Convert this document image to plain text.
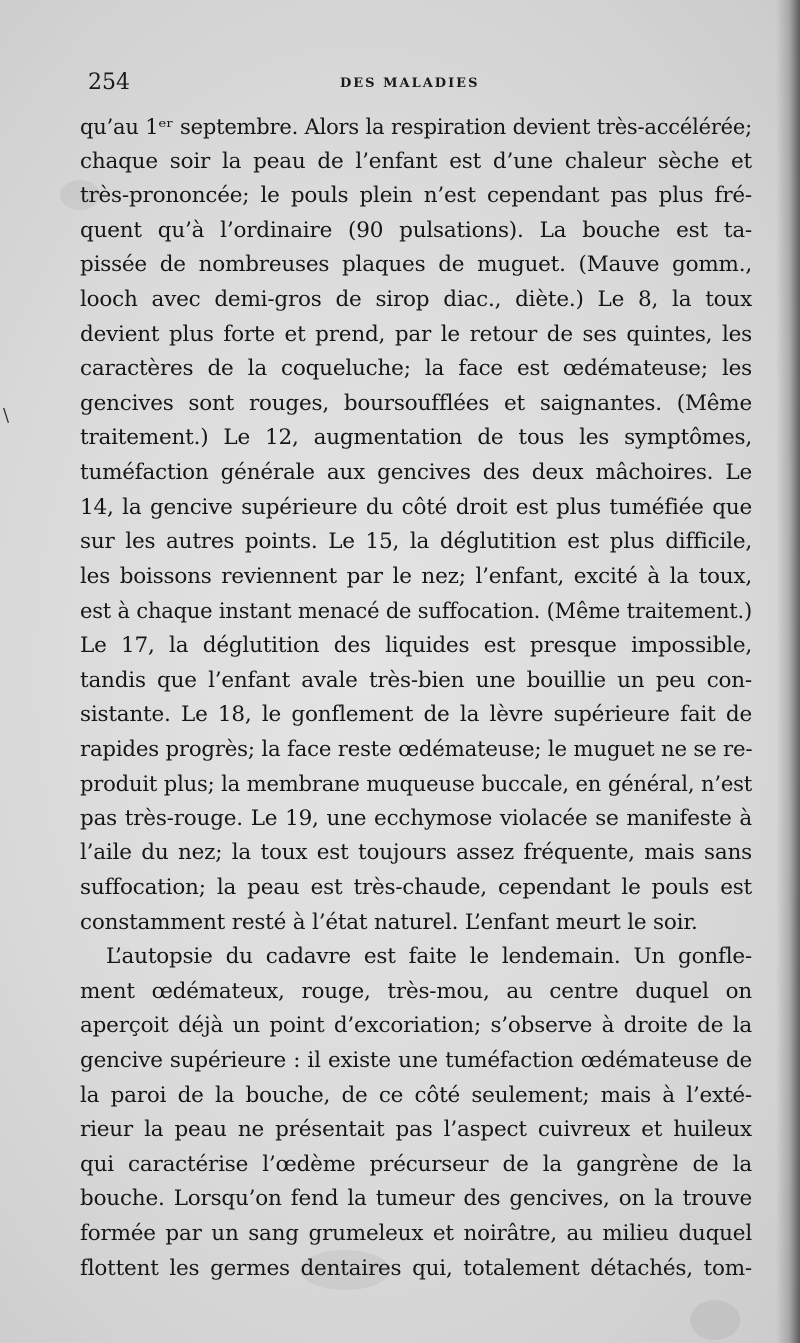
\
254	DES MALADIES
qu’au 1ᵉʳ septembre. Alors la respiration devient très-accélérée;
chaque soir la peau de l’enfant est d’une chaleur sèche et
très-prononcée; le pouls plein n’est cependant pas plus fré-
quent qu’à l’ordinaire (90 pulsations). La bouche est ta-
pissée de nombreuses plaques de muguet. (Mauve gomm.,
looch avec demi-gros de sirop diac., diète.) Le 8, la toux
devient plus forte et prend, par le retour de ses quintes, les
caractères de la coqueluche; la face est œdémateuse; les
gencives sont rouges, boursoufflées et saignantes. (Même
traitement.) Le 12, augmentation de tous les symptômes,
tuméfaction générale aux gencives des deux mâchoires. Le
14, la gencive supérieure du côté droit est plus tuméfiée que
sur les autres points. Le 15, la déglutition est plus difficile,
les boissons reviennent par le nez; l’enfant, excité à la toux,
est à chaque instant menacé de suffocation. (Même traitement.)
Le 17, la déglutition des liquides est presque impossible,
tandis que l’enfant avale très-bien une bouillie un peu con-
sistante. Le 18, le gonflement de la lèvre supérieure fait de
rapides progrès; la face reste œdémateuse; le muguet ne se re-
produit plus; la membrane muqueuse buccale, en général, n’est
pas très-rouge. Le 19, une ecchymose violacée se manifeste à
l’aile du nez; la toux est toujours assez fréquente, mais sans
suffocation; la peau est très-chaude, cependant le pouls est
constamment resté à l’état naturel. L’enfant meurt le soir.
L’autopsie du cadavre est faite le lendemain. Un gonfle-
ment œdémateux, rouge, très-mou, au centre duquel on
aperçoit déjà un point d’excoriation; s’observe à droite de la
gencive supérieure : il existe une tuméfaction œdémateuse de
la paroi de la bouche, de ce côté seulement; mais à l’exté-
rieur la peau ne présentait pas l’aspect cuivreux et huileux
qui caractérise l’œdème précurseur de la gangrène de la
bouche. Lorsqu’on fend la tumeur des gencives, on la trouve
formée par un sang grumeleux et noirâtre, au milieu duquel
flottent les germes dentaires qui, totalement détachés, tom-
